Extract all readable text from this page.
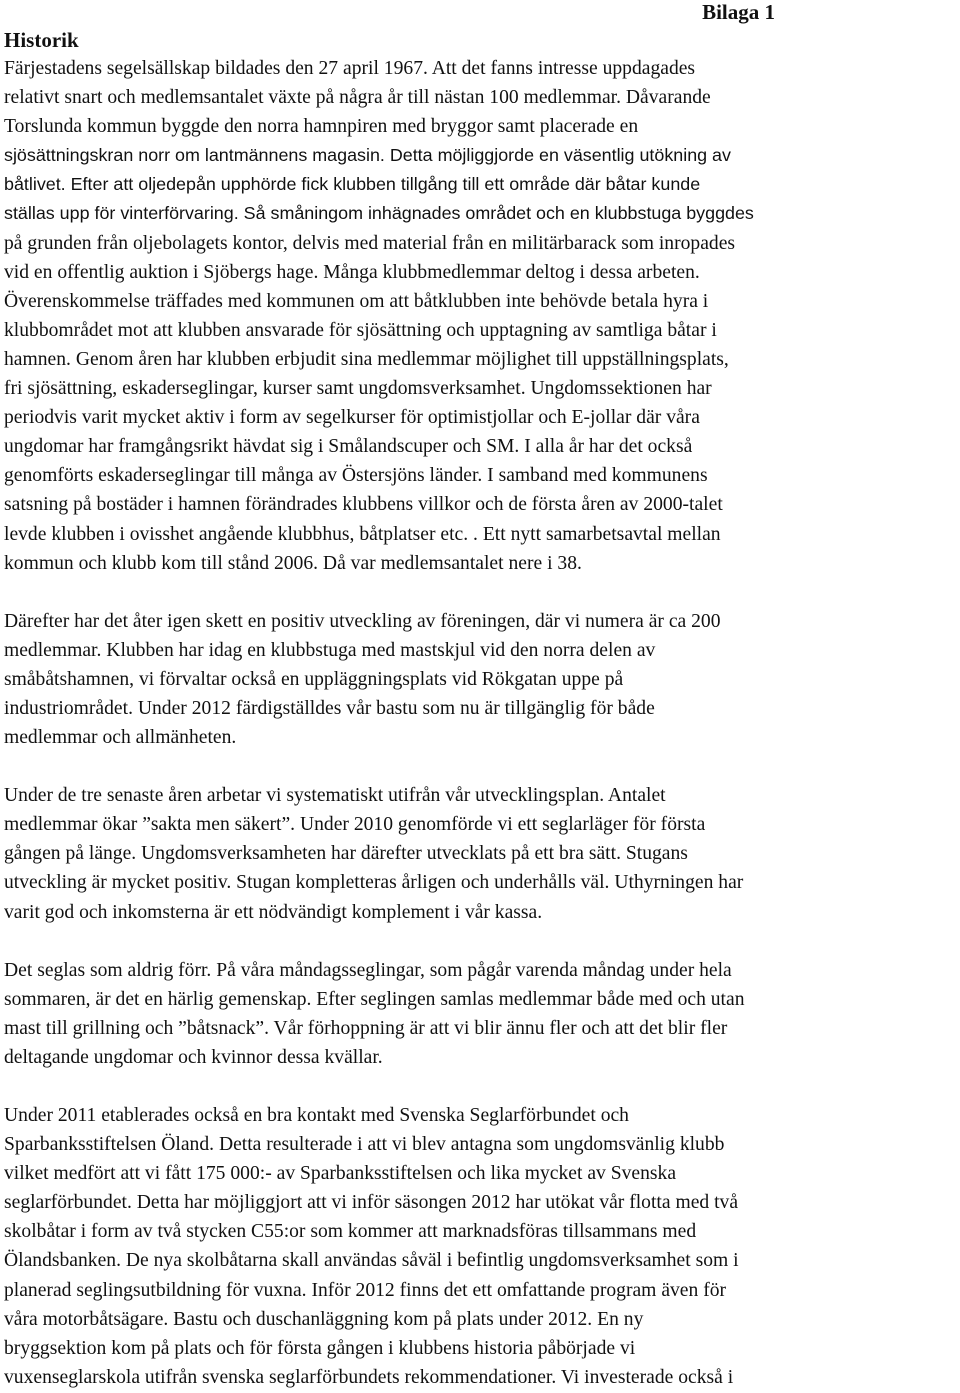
Bilaga 1
Historik

Färjestadens segelsällskap bildades den 27 april 1967. Att det fanns intresse uppdagades
relativt snart och medlemsantalet växte på några år till nästan 100 medlemmar. Dåvarande
Torslunda kommun byggde den norra hamnpiren med bryggor samt placerade en
sjösättningskran norr om lantmännens magasin. Detta möjliggjorde en väsentlig utökning av
båtlivet. Efter att oljedepån upphörde fick klubben tillgång till ett område där båtar kunde
ställas upp för vinterförvaring. Så småningom inhägnades området och en klubbstuga byggdes
på grunden från oljebolagets kontor, delvis med material från en militärbarack som inropades
vid en offentlig auktion i Sjöbergs hage. Många klubbmedlemmar deltog i dessa arbeten.
Överenskommelse träffades med kommunen om att båtklubben inte behövde betala hyra i
klubbområdet mot att klubben ansvarade för sjösättning och upptagning av samtliga båtar i
hamnen. Genom åren har klubben erbjudit sina medlemmar möjlighet till uppställningsplats,
fri sjösättning, eskaderseglingar, kurser samt ungdomsverksamhet. Ungdomssektionen har
periodvis varit mycket aktiv i form av segelkurser för optimistjollar och E-jollar där våra
ungdomar har framgångsrikt hävdat sig i Smålandscuper och SM. I alla år har det också
genomförts eskaderseglingar till många av Östersjöns länder. I samband med kommunens
satsning på bostäder i hamnen förändrades klubbens villkor och de första åren av 2000-talet
levde klubben i ovisshet angående klubbhus, båtplatser etc. . Ett nytt samarbetsavtal mellan
kommun och klubb kom till stånd 2006. Då var medlemsantalet nere i 38.

Därefter har det åter igen skett en positiv utveckling av föreningen, där vi numera är ca 200
medlemmar. Klubben har idag en klubbstuga med mastskjul vid den norra delen av
småbåtshamnen, vi förvaltar också en uppläggningsplats vid Rökgatan uppe på
industriområdet. Under 2012 färdigställdes vår bastu som nu är tillgänglig för både
medlemmar och allmänheten.

Under de tre senaste åren arbetar vi systematiskt utifrån vår utvecklingsplan. Antalet
medlemmar ökar ”sakta men säkert”. Under 2010 genomförde vi ett seglarläger för första
gången på länge. Ungdomsverksamheten har därefter utvecklats på ett bra sätt. Stugans
utveckling är mycket positiv. Stugan kompletteras årligen och underhålls väl. Uthyrningen har
varit god och inkomsterna är ett nödvändigt komplement i vår kassa.

Det seglas som aldrig förr. På våra måndagsseglingar, som pågår varenda måndag under hela
sommaren, är det en härlig gemenskap. Efter seglingen samlas medlemmar både med och utan
mast till grillning och ”båtsnack”. Vår förhoppning är att vi blir ännu fler och att det blir fler
deltagande ungdomar och kvinnor dessa kvällar.

Under 2011 etablerades också en bra kontakt med Svenska Seglarförbundet och
Sparbanksstiftelsen Öland. Detta resulterade i att vi blev antagna som ungdomsvänlig klubb
vilket medfört att vi fått 175 000:- av Sparbanksstiftelsen och lika mycket av Svenska
seglarförbundet. Detta har möjliggjort att vi inför säsongen 2012 har utökat vår flotta med två
skolbåtar i form av två stycken C55:or som kommer att marknadsföras tillsammans med
Ölandsbanken. De nya skolbåtarna skall användas såväl i befintlig ungdomsverksamhet som i
planerad seglingsutbildning för vuxna. Inför 2012 finns det ett omfattande program även för
våra motorbåtsägare. Bastu och duschanläggning kom på plats under 2012. En ny
bryggsektion kom på plats och för första gången i klubbens historia påbörjade vi
vuxenseglarskola utifrån svenska seglarförbundets rekommendationer. Vi investerade också i
